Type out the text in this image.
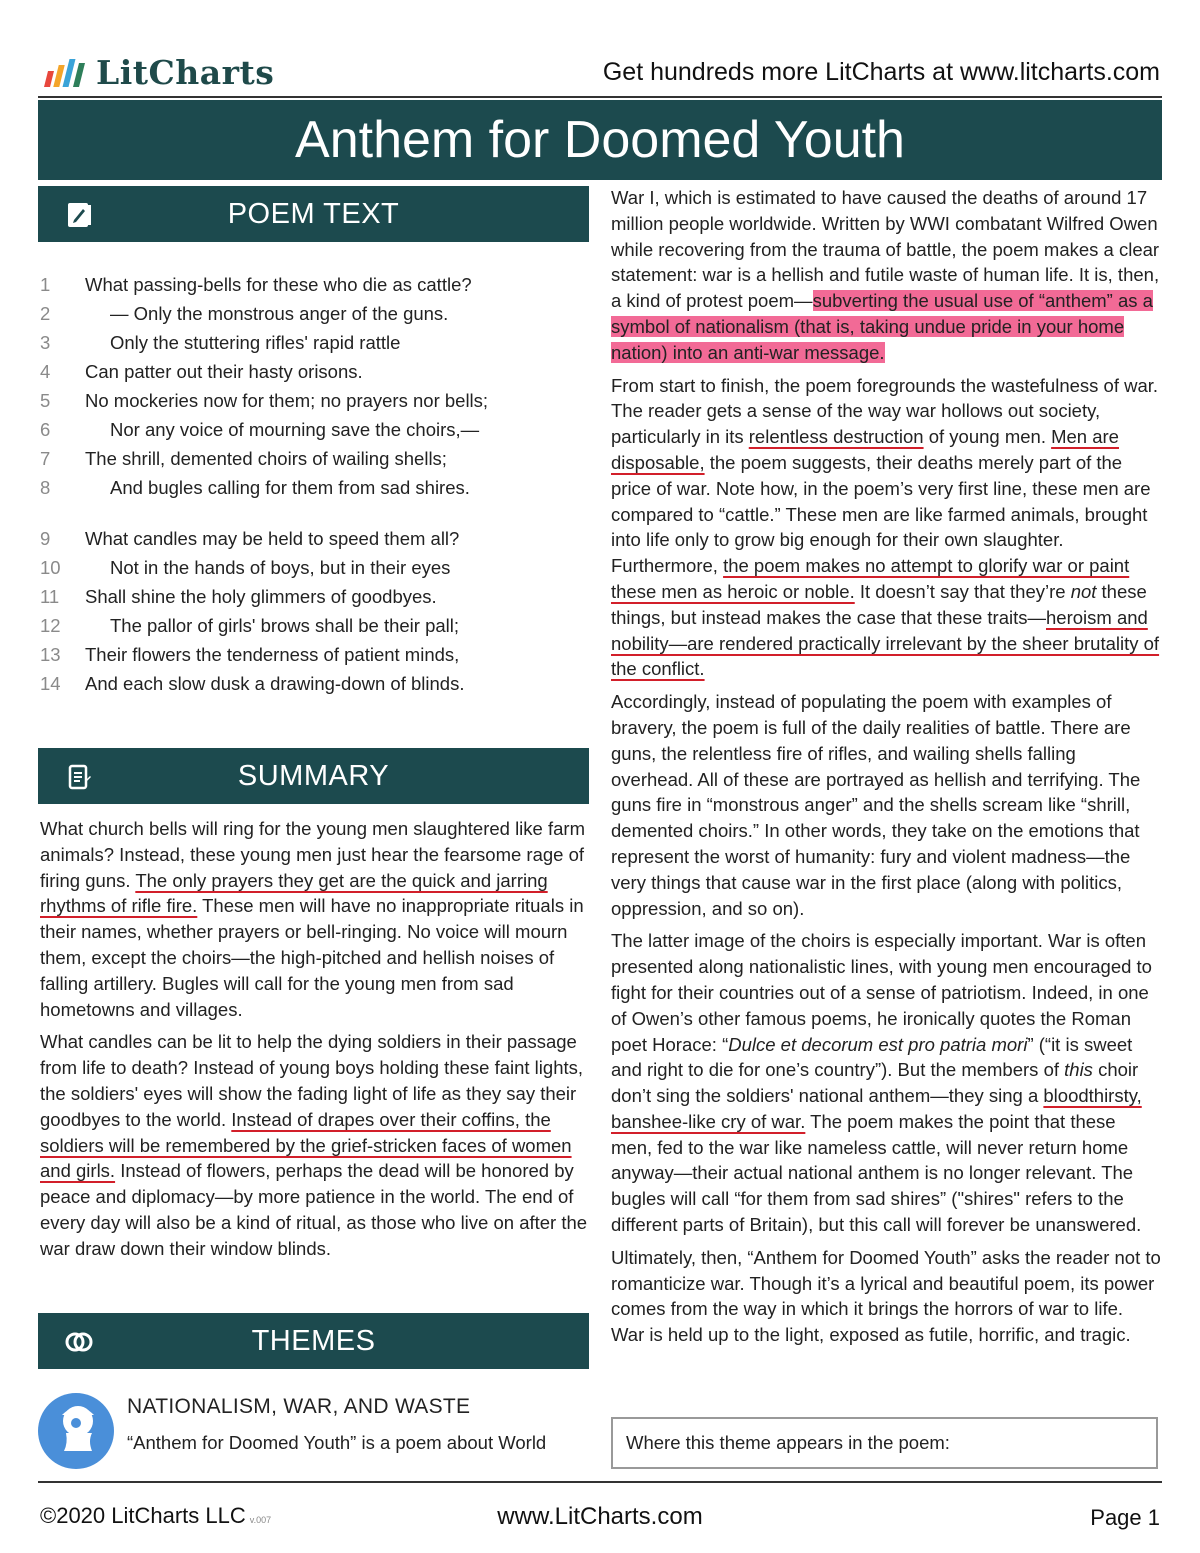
LitCharts	Get hundreds more LitCharts at www.litcharts.com
Anthem for Doomed Youth
POEM TEXT
1	What passing-bells for these who die as cattle?
2	— Only the monstrous anger of the guns.
3	Only the stuttering rifles' rapid rattle
4	Can patter out their hasty orisons.
5	No mockeries now for them; no prayers nor bells;
6	Nor any voice of mourning save the choirs,—
7	The shrill, demented choirs of wailing shells;
8	And bugles calling for them from sad shires.
9	What candles may be held to speed them all?
10	Not in the hands of boys, but in their eyes
11	Shall shine the holy glimmers of goodbyes.
12	The pallor of girls' brows shall be their pall;
13	Their flowers the tenderness of patient minds,
14	And each slow dusk a drawing-down of blinds.
SUMMARY

What church bells will ring for the young men slaughtered like farm animals? Instead, these young men just hear the fearsome rage of firing guns. The only prayers they get are the quick and jarring rhythms of rifle fire. These men will have no inappropriate rituals in their names, whether prayers or bell-ringing. No voice will mourn them, except the choirs—the high-pitched and hellish noises of falling artillery. Bugles will call for the young men from sad hometowns and villages.

What candles can be lit to help the dying soldiers in their passage from life to death? Instead of young boys holding these faint lights, the soldiers' eyes will show the fading light of life as they say their goodbyes to the world. Instead of drapes over their coffins, the soldiers will be remembered by the grief-stricken faces of women and girls. Instead of flowers, perhaps the dead will be honored by peace and diplomacy—by more patience in the world. The end of every day will also be a kind of ritual, as those who live on after the war draw down their window blinds.

THEMES
NATIONALISM, WAR, AND WASTE
“Anthem for Doomed Youth” is a poem about World

War I, which is estimated to have caused the deaths of around 17 million people worldwide. Written by WWI combatant Wilfred Owen while recovering from the trauma of battle, the poem makes a clear statement: war is a hellish and futile waste of human life. It is, then, a kind of protest poem—subverting the usual use of “anthem” as a symbol of nationalism (that is, taking undue pride in your home nation) into an anti-war message.

From start to finish, the poem foregrounds the wastefulness of war. The reader gets a sense of the way war hollows out society, particularly in its relentless destruction of young men. Men are disposable, the poem suggests, their deaths merely part of the price of war. Note how, in the poem’s very first line, these men are compared to “cattle.” These men are like farmed animals, brought into life only to grow big enough for their own slaughter. Furthermore, the poem makes no attempt to glorify war or paint these men as heroic or noble. It doesn’t say that they’re not these things, but instead makes the case that these traits—heroism and nobility—are rendered practically irrelevant by the sheer brutality of the conflict.

Accordingly, instead of populating the poem with examples of bravery, the poem is full of the daily realities of battle. There are guns, the relentless fire of rifles, and wailing shells falling overhead. All of these are portrayed as hellish and terrifying. The guns fire in “monstrous anger” and the shells scream like “shrill, demented choirs.” In other words, they take on the emotions that represent the worst of humanity: fury and violent madness—the very things that cause war in the first place (along with politics, oppression, and so on).

The latter image of the choirs is especially important. War is often presented along nationalistic lines, with young men encouraged to fight for their countries out of a sense of patriotism. Indeed, in one of Owen’s other famous poems, he ironically quotes the Roman poet Horace: “Dulce et decorum est pro patria mori” (“it is sweet and right to die for one’s country”). But the members of this choir don’t sing the soldiers' national anthem—they sing a bloodthirsty, banshee-like cry of war. The poem makes the point that these men, fed to the war like nameless cattle, will never return home anyway—their actual national anthem is no longer relevant. The bugles will call “for them from sad shires” ("shires" refers to the different parts of Britain), but this call will forever be unanswered.

Ultimately, then, “Anthem for Doomed Youth” asks the reader not to romanticize war. Though it’s a lyrical and beautiful poem, its power comes from the way in which it brings the horrors of war to life. War is held up to the light, exposed as futile, horrific, and tragic.

Where this theme appears in the poem:
©2020 LitCharts LLC v.007	www.LitCharts.com	Page 1
